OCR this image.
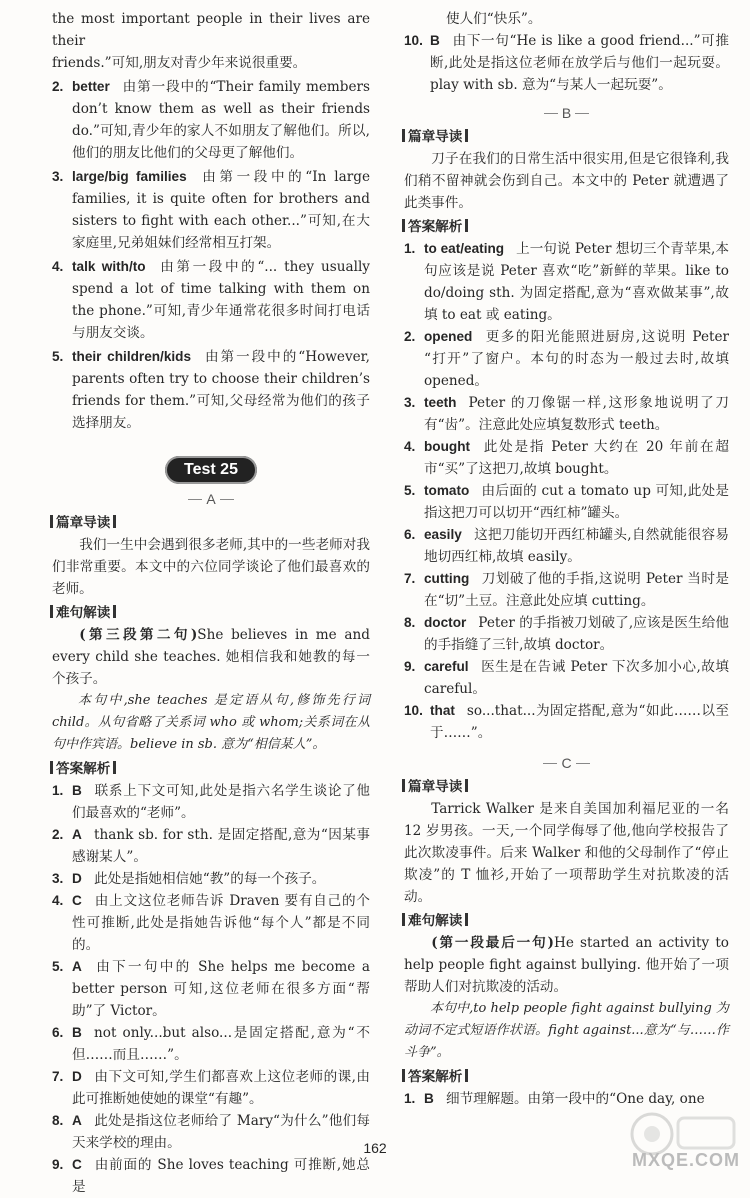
the most important people in their lives are their

friends.”可知,朋友对青少年来说很重要。

2. better 由第一段中的“Their family members don’t know them as well as their friends do.”可知,青少年的家人不如朋友了解他们。所以,他们的朋友比他们的父母更了解他们。
3. large/big families 由第一段中的“In large families, it is quite often for brothers and sisters to fight with each other...”可知,在大家庭里,兄弟姐妹们经常相互打架。
4. talk with/to 由第一段中的“... they usually spend a lot of time talking with them on the phone.”可知,青少年通常花很多时间打电话与朋友交谈。
5. their children/kids 由第一段中的“However, parents often try to choose their children’s friends for them.”可知,父母经常为他们的孩子选择朋友。
Test 25
A
篇章导读

我们一生中会遇到很多老师,其中的一些老师对我们非常重要。本文中的六位同学谈论了他们最喜欢的老师。

难句解读

(第三段第二句)She believes in me and every child she teaches. 她相信我和她教的每一个孩子。

本句中,she teaches 是定语从句,修饰先行词 child。从句省略了关系词 who 或 whom;关系词在从句中作宾语。believe in sb. 意为“相信某人”。

答案解析
1. B 联系上下文可知,此处是指六名学生谈论了他们最喜欢的“老师”。
2. A thank sb. for sth. 是固定搭配,意为“因某事感谢某人”。
3. D 此处是指她相信她“教”的每一个孩子。
4. C 由上文这位老师告诉 Draven 要有自己的个性可推断,此处是指她告诉他“每个人”都是不同的。
5. A 由下一句中的 She helps me become a better person 可知,这位老师在很多方面“帮助”了 Victor。
6. B not only...but also...是固定搭配,意为“不但……而且……”。
7. D 由下文可知,学生们都喜欢上这位老师的课,由此可推断她使她的课堂“有趣”。
8. A 此处是指这位老师给了 Mary“为什么”他们每天来学校的理由。
9. C 由前面的 She loves teaching 可推断,她总是

使人们“快乐”。

10. B 由下一句“He is like a good friend...”可推断,此处是指这位老师在放学后与他们一起玩耍。play with sb. 意为“与某人一起玩耍”。
B
篇章导读

刀子在我们的日常生活中很实用,但是它很锋利,我们稍不留神就会伤到自己。本文中的 Peter 就遭遇了此类事件。

答案解析
1. to eat/eating 上一句说 Peter 想切三个青苹果,本句应该是说 Peter 喜欢“吃”新鲜的苹果。like to do/doing sth. 为固定搭配,意为“喜欢做某事”,故填 to eat 或 eating。
2. opened 更多的阳光能照进厨房,这说明 Peter “打开”了窗户。本句的时态为一般过去时,故填 opened。
3. teeth Peter 的刀像锯一样,这形象地说明了刀有“齿”。注意此处应填复数形式 teeth。
4. bought 此处是指 Peter 大约在 20 年前在超市“买”了这把刀,故填 bought。
5. tomato 由后面的 cut a tomato up 可知,此处是指这把刀可以切开“西红柿”罐头。
6. easily 这把刀能切开西红柿罐头,自然就能很容易地切西红柿,故填 easily。
7. cutting 刀划破了他的手指,这说明 Peter 当时是在“切”土豆。注意此处应填 cutting。
8. doctor Peter 的手指被刀划破了,应该是医生给他的手指缝了三针,故填 doctor。
9. careful 医生是在告诫 Peter 下次多加小心,故填 careful。
10. that so...that...为固定搭配,意为“如此……以至于……”。
C
篇章导读

Tarrick Walker 是来自美国加利福尼亚的一名 12 岁男孩。一天,一个同学侮辱了他,他向学校报告了此次欺凌事件。后来 Walker 和他的父母制作了“停止欺凌”的 T 恤衫,开始了一项帮助学生对抗欺凌的活动。

难句解读

(第一段最后一句)He started an activity to help people fight against bullying. 他开始了一项帮助人们对抗欺凌的活动。

本句中,to help people fight against bullying 为动词不定式短语作状语。fight against...意为“与……作斗争”。

答案解析
1. B 细节理解题。由第一段中的“One day, one
162
MXQE.COM
